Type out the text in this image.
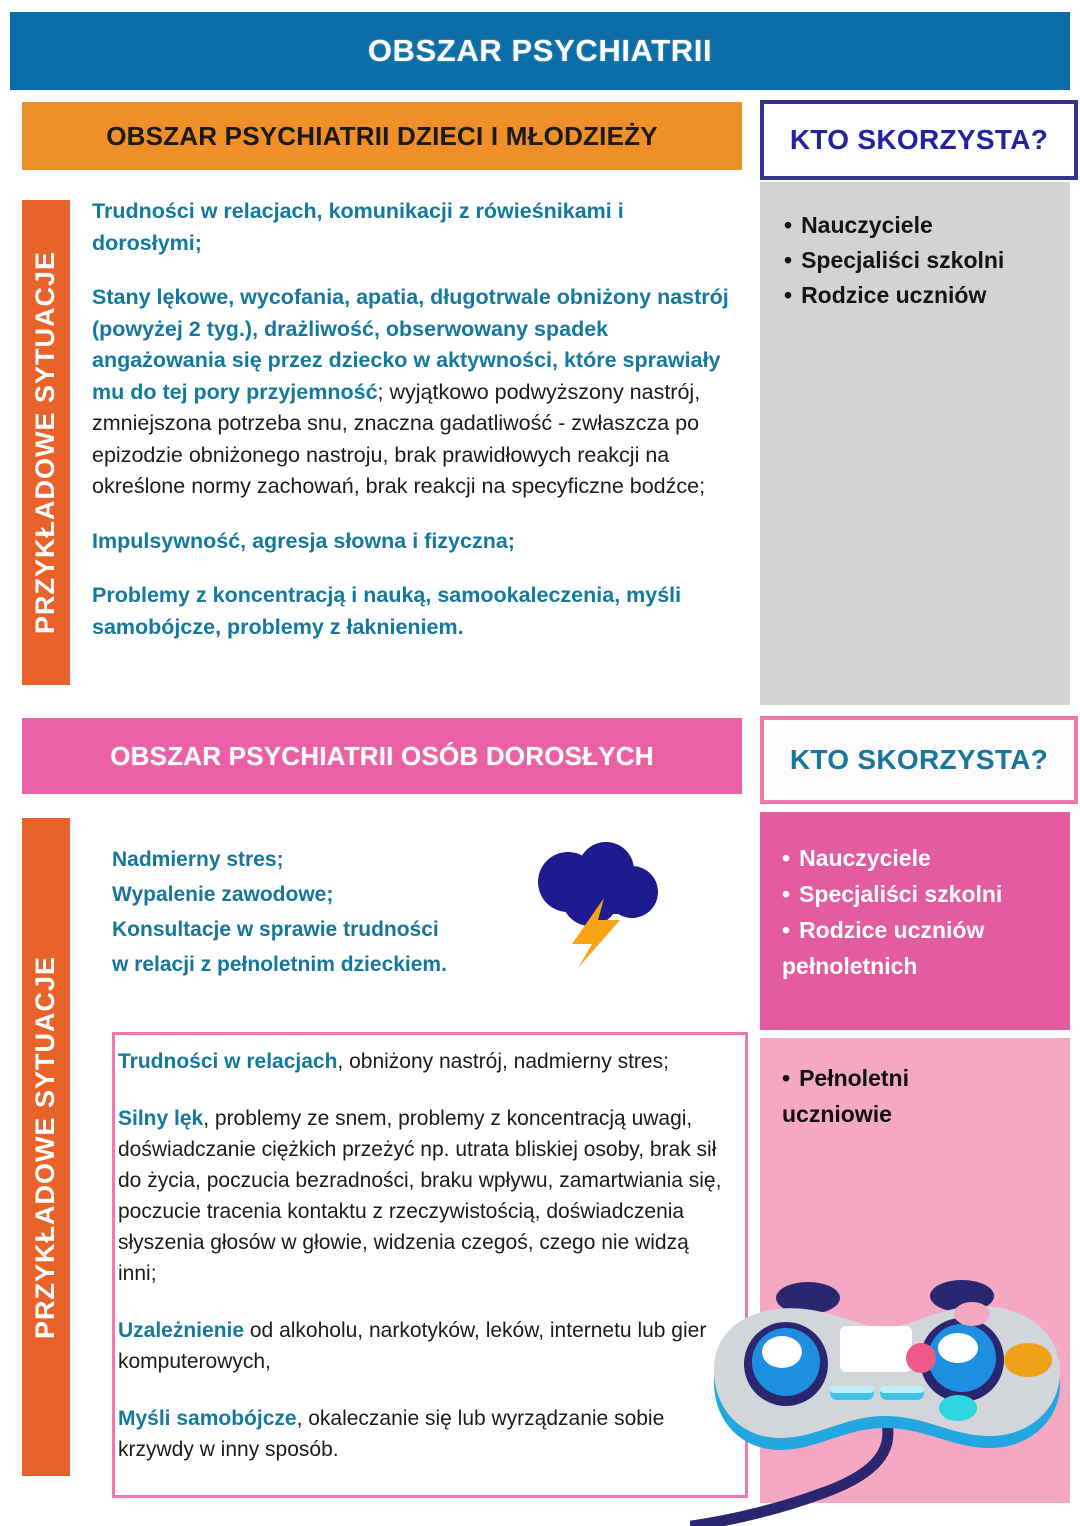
OBSZAR PSYCHIATRII
OBSZAR PSYCHIATRII DZIECI I MŁODZIEŻY	KTO SKORZYSTA?
PRZYKŁADOWE SYTUACJE

Trudności w relacjach, komunikacji z rówieśnikami i dorosłymi;

Stany lękowe, wycofania, apatia, długotrwale obniżony nastrój (powyżej 2 tyg.), drażliwość, obserwowany spadek angażowania się przez dziecko w aktywności, które sprawiały mu do tej pory przyjemność; wyjątkowo podwyższony nastrój, zmniejszona potrzeba snu, znaczna gadatliwość - zwłaszcza po epizodzie obniżonego nastroju, brak prawidłowych reakcji na określone normy zachowań, brak reakcji na specyficzne bodźce;

Impulsywność, agresja słowna i fizyczna;

Problemy z koncentracją i nauką, samookaleczenia, myśli samobójcze, problemy z łaknieniem.

• Nauczyciele
• Specjaliści szkolni
• Rodzice uczniów
OBSZAR PSYCHIATRII OSÓB DOROSŁYCH	KTO SKORZYSTA?
PRZYKŁADOWE SYTUACJE
Nadmierny stres;
Wypalenie zawodowe;
Konsultacje w sprawie trudności
w relacji z pełnoletnim dzieckiem.

Trudności w relacjach, obniżony nastrój, nadmierny stres;

Silny lęk, problemy ze snem, problemy z koncentracją uwagi, doświadczanie ciężkich przeżyć np. utrata bliskiej osoby, brak sił do życia, poczucia bezradności, braku wpływu, zamartwiania się, poczucie tracenia kontaktu z rzeczywistością, doświadczenia słyszenia głosów w głowie, widzenia czegoś, czego nie widzą inni;

Uzależnienie od alkoholu, narkotyków, leków, internetu lub gier komputerowych,

Myśli samobójcze, okaleczanie się lub wyrządzanie sobie krzywdy w inny sposób.

• Nauczyciele
• Specjaliści szkolni
• Rodzice uczniów
pełnoletnich
• Pełnoletni
uczniowie
